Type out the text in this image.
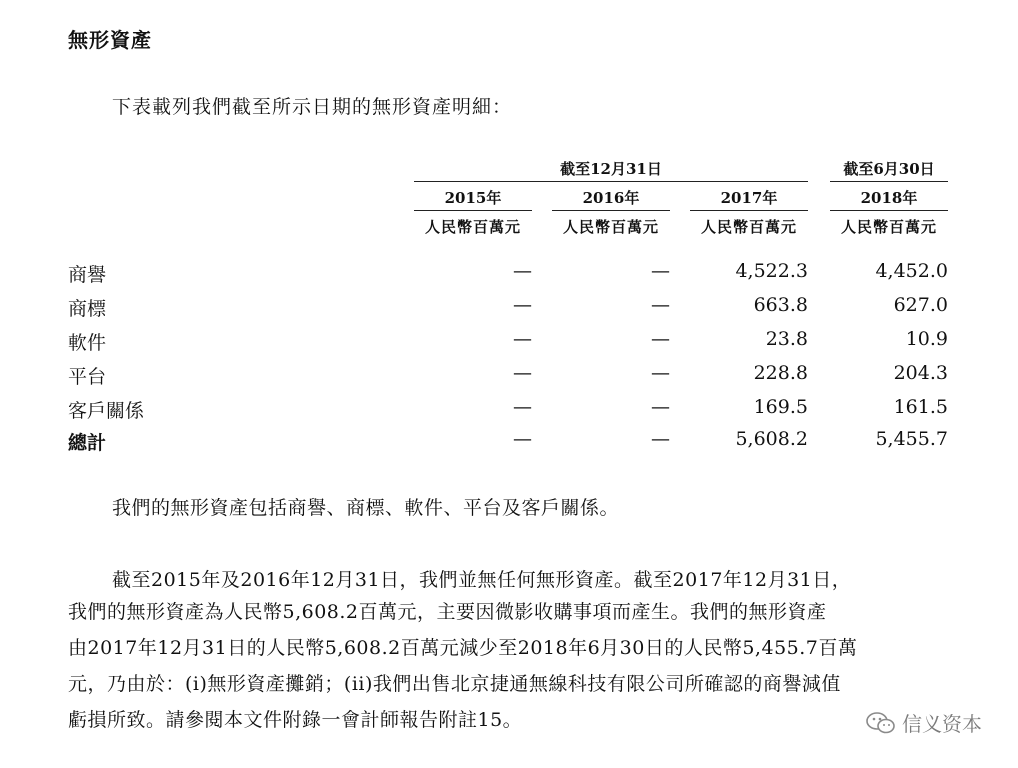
無形資產
下表載列我們截至所示日期的無形資產明細：
截至12月31日	截至6月30日
2015年	2016年	2017年	2018年
人民幣百萬元	人民幣百萬元	人民幣百萬元	人民幣百萬元
商譽	—	—	4,522.3	4,452.0
商標	—	—	663.8	627.0
軟件	—	—	23.8	10.9
平台	—	—	228.8	204.3
客戶關係	—	—	169.5	161.5
總計	—	—	5,608.2	5,455.7
我們的無形資產包括商譽、商標、軟件、平台及客戶關係。
截至2015年及2016年12月31日，我們並無任何無形資產。截至2017年12月31日，
我們的無形資產為人民幣5,608.2百萬元，主要因微影收購事項而產生。我們的無形資產
由2017年12月31日的人民幣5,608.2百萬元減少至2018年6月30日的人民幣5,455.7百萬
元，乃由於：(i)無形資產攤銷；(ii)我們出售北京捷通無線科技有限公司所確認的商譽減值
虧損所致。請參閱本文件附錄一會計師報告附註15。	信义资本
